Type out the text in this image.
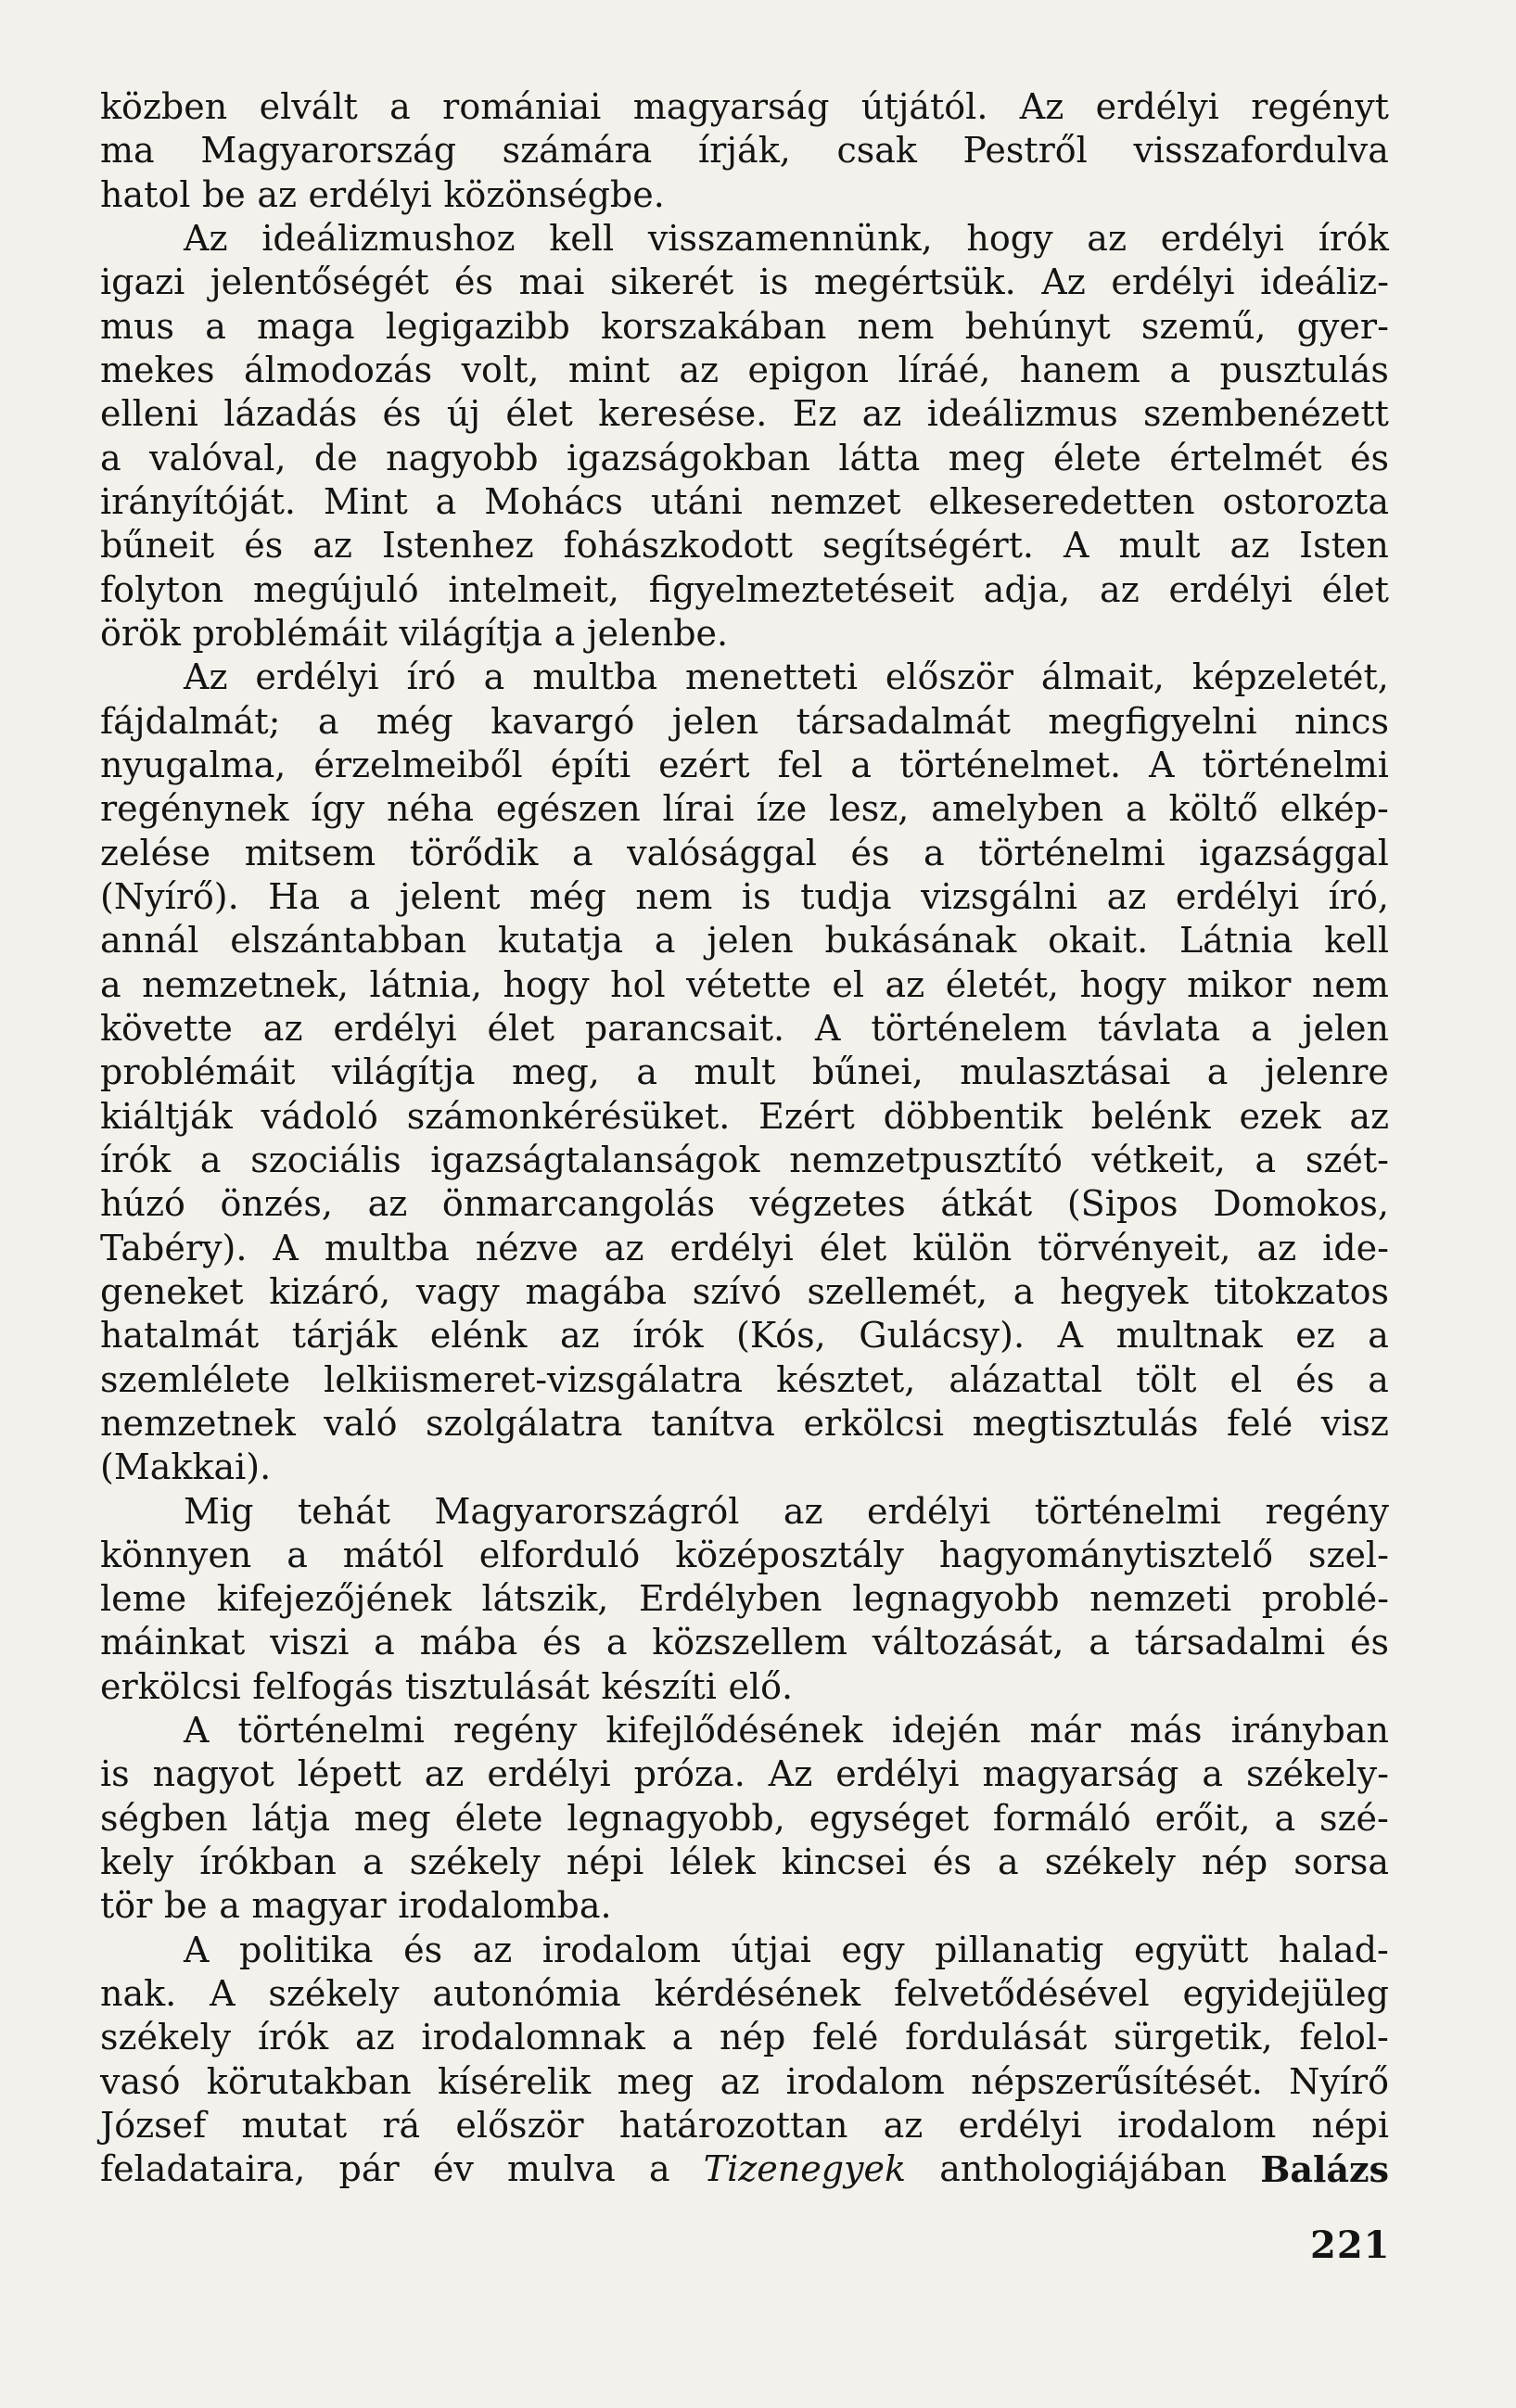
közben elvált a romániai magyarság útjától. Az erdélyi regényt
ma Magyarország számára írják, csak Pestről visszafordulva
hatol be az erdélyi közönségbe.
Az ideálizmushoz kell visszamennünk, hogy az erdélyi írók
igazi jelentőségét és mai sikerét is megértsük. Az erdélyi ideáliz-
mus a maga legigazibb korszakában nem behúnyt szemű, gyer-
mekes álmodozás volt, mint az epigon líráé, hanem a pusztulás
elleni lázadás és új élet keresése. Ez az ideálizmus szembenézett
a valóval, de nagyobb igazságokban látta meg élete értelmét és
irányítóját. Mint a Mohács utáni nemzet elkeseredetten ostorozta
bűneit és az Istenhez fohászkodott segítségért. A mult az Isten
folyton megújuló intelmeit, figyelmeztetéseit adja, az erdélyi élet
örök problémáit világítja a jelenbe.
Az erdélyi író a multba menetteti először álmait, képzeletét,
fájdalmát; a még kavargó jelen társadalmát megfigyelni nincs
nyugalma, érzelmeiből építi ezért fel a történelmet. A történelmi
regénynek így néha egészen lírai íze lesz, amelyben a költő elkép-
zelése mitsem törődik a valósággal és a történelmi igazsággal
(Nyírő). Ha a jelent még nem is tudja vizsgálni az erdélyi író,
annál elszántabban kutatja a jelen bukásának okait. Látnia kell
a nemzetnek, látnia, hogy hol vétette el az életét, hogy mikor nem
követte az erdélyi élet parancsait. A történelem távlata a jelen
problémáit világítja meg, a mult bűnei, mulasztásai a jelenre
kiáltják vádoló számonkérésüket. Ezért döbbentik belénk ezek az
írók a szociális igazságtalanságok nemzetpusztító vétkeit, a szét-
húzó önzés, az önmarcangolás végzetes átkát (Sipos Domokos,
Tabéry). A multba nézve az erdélyi élet külön törvényeit, az ide-
geneket kizáró, vagy magába szívó szellemét, a hegyek titokzatos
hatalmát tárják elénk az írók (Kós, Gulácsy). A multnak ez a
szemlélete lelkiismeret-vizsgálatra késztet, alázattal tölt el és a
nemzetnek való szolgálatra tanítva erkölcsi megtisztulás felé visz
(Makkai).
Mig tehát Magyarországról az erdélyi történelmi regény
könnyen a mától elforduló középosztály hagyománytisztelő szel-
leme kifejezőjének látszik, Erdélyben legnagyobb nemzeti problé-
máinkat viszi a mába és a közszellem változását, a társadalmi és
erkölcsi felfogás tisztulását készíti elő.
A történelmi regény kifejlődésének idején már más irányban
is nagyot lépett az erdélyi próza. Az erdélyi magyarság a székely-
ségben látja meg élete legnagyobb, egységet formáló erőit, a szé-
kely írókban a székely népi lélek kincsei és a székely nép sorsa
tör be a magyar irodalomba.
A politika és az irodalom útjai egy pillanatig együtt halad-
nak. A székely autonómia kérdésének felvetődésével egyidejüleg
székely írók az irodalomnak a nép felé fordulását sürgetik, felol-
vasó körutakban kísérelik meg az irodalom népszerűsítését. Nyírő
József mutat rá először határozottan az erdélyi irodalom népi
feladataira, pár év mulva a Tizenegyek anthologiájában Balázs
221
